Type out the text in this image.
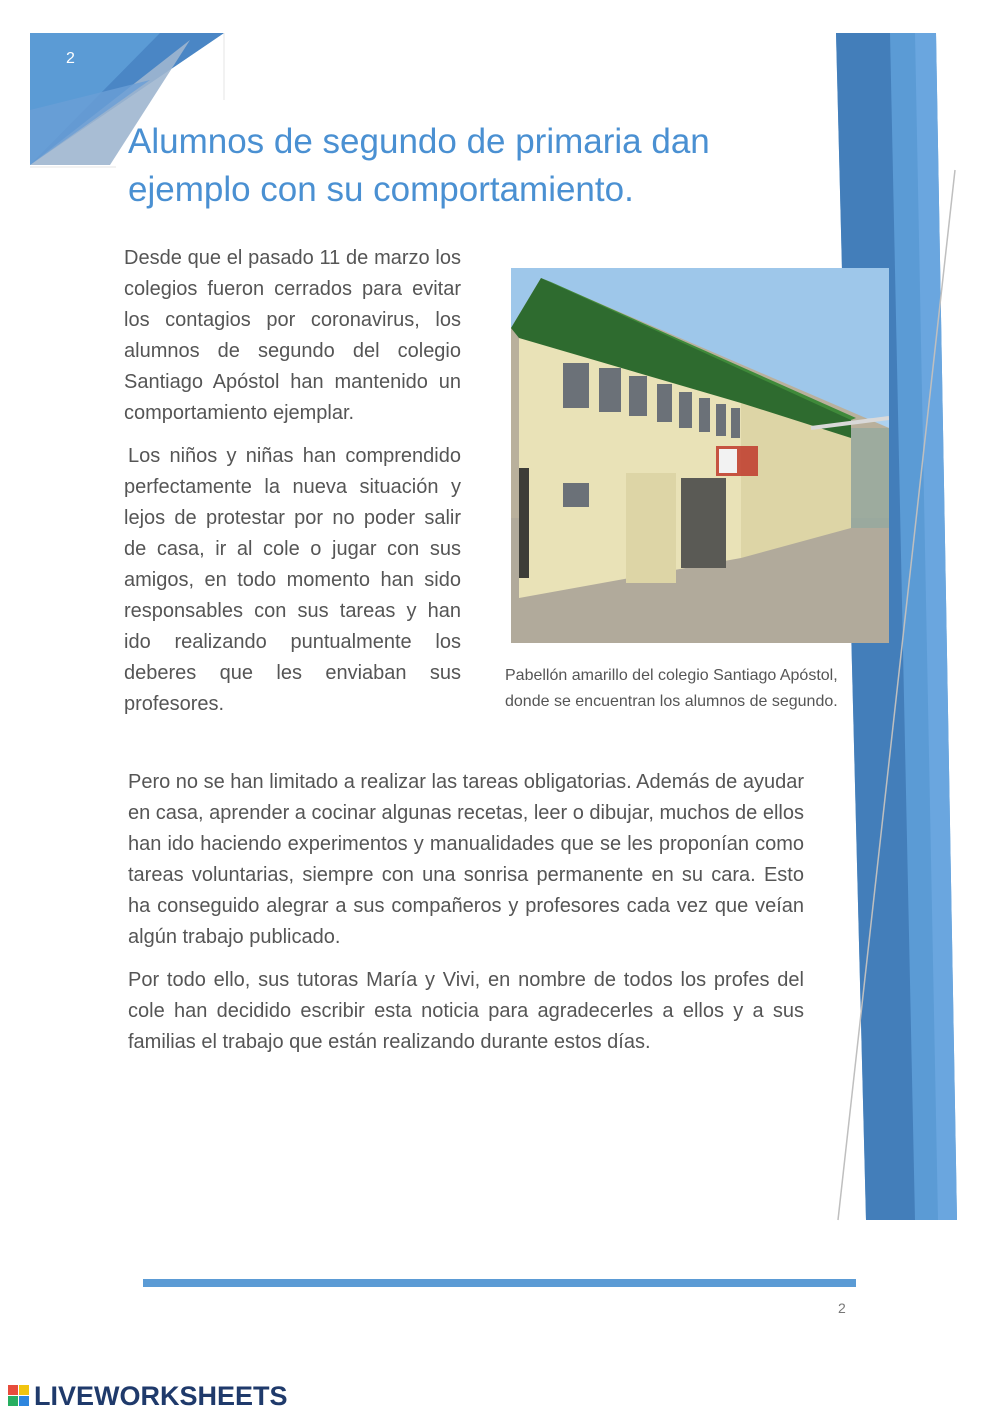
2
Alumnos de segundo de primaria dan
ejemplo con su comportamiento.

Desde que el pasado 11 de marzo los colegios fueron cerrados para evitar los contagios por coronavirus, los alumnos de segundo del colegio Santiago Apóstol han mantenido un comportamiento ejemplar.

Los niños y niñas han comprendido perfectamente la nueva situación y lejos de protestar por no poder salir de casa, ir al cole o jugar con sus amigos, en todo momento han sido responsables con sus tareas y han ido realizando puntualmente los deberes que les enviaban sus profesores.

Pabellón amarillo del colegio Santiago Apóstol,
donde se encuentran los alumnos de segundo.

Pero no se han limitado a realizar las tareas obligatorias. Además de ayudar en casa, aprender a cocinar algunas recetas, leer o dibujar, muchos de ellos han ido haciendo experimentos y manualidades que se les proponían como tareas voluntarias, siempre con una sonrisa permanente en su cara. Esto ha conseguido alegrar a sus compañeros y profesores cada vez que veían algún trabajo publicado.

Por todo ello, sus tutoras María y Vivi, en nombre de todos los profes del cole han decidido escribir esta noticia para agradecerles a ellos y a sus familias el trabajo que están realizando durante estos días.

2
LIVEWORKSHEETS
